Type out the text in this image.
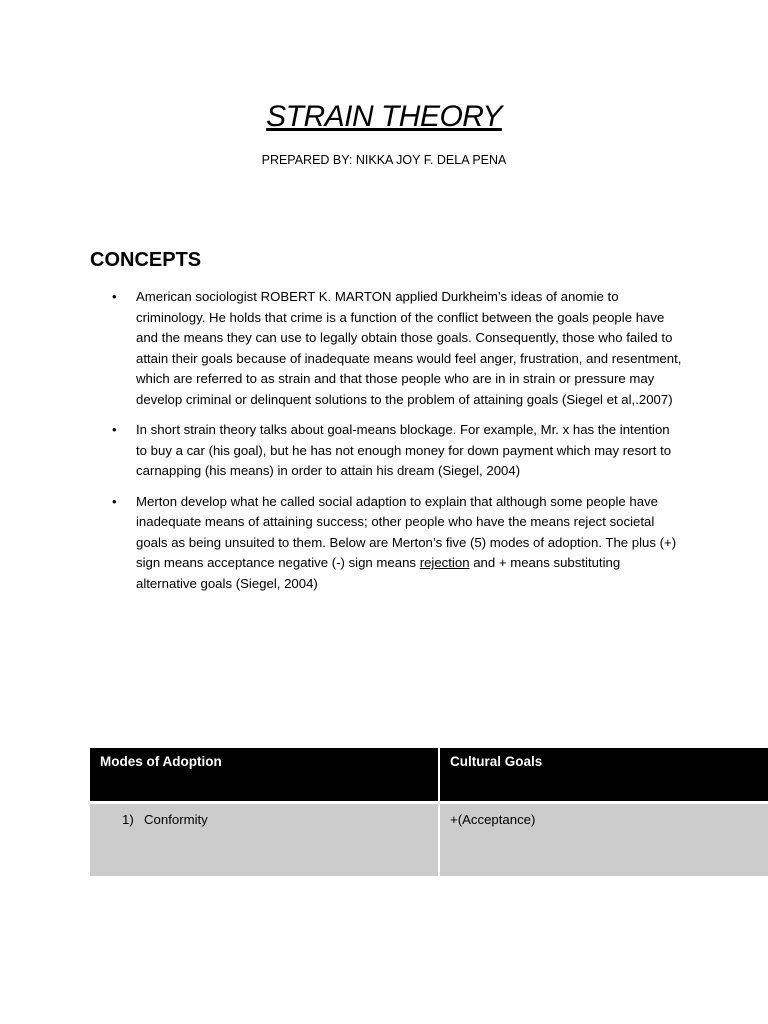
STRAIN THEORY
PREPARED BY: NIKKA JOY F. DELA PENA
CONCEPTS
• American sociologist ROBERT K. MARTON applied Durkheim’s ideas of anomie to criminology. He holds that crime is a function of the conflict between the goals people have and the means they can use to legally obtain those goals. Consequently, those who failed to attain their goals because of inadequate means would feel anger, frustration, and resentment, which are referred to as strain and that those people who are in in strain or pressure may develop criminal or delinquent solutions to the problem of attaining goals (Siegel et al,.2007)
• In short strain theory talks about goal-means blockage. For example, Mr. x has the intention to buy a car (his goal), but he has not enough money for down payment which may resort to carnapping (his means) in order to attain his dream (Siegel, 2004)
• Merton develop what he called social adaption to explain that although some people have inadequate means of attaining success; other people who have the means reject societal goals as being unsuited to them. Below are Merton’s five (5) modes of adoption. The plus (+) sign means acceptance negative (-) sign means rejection and + means substituting alternative goals (Siegel, 2004)
Modes of Adoption	Cultural Goals
1) Conformity	+(Acceptance)
